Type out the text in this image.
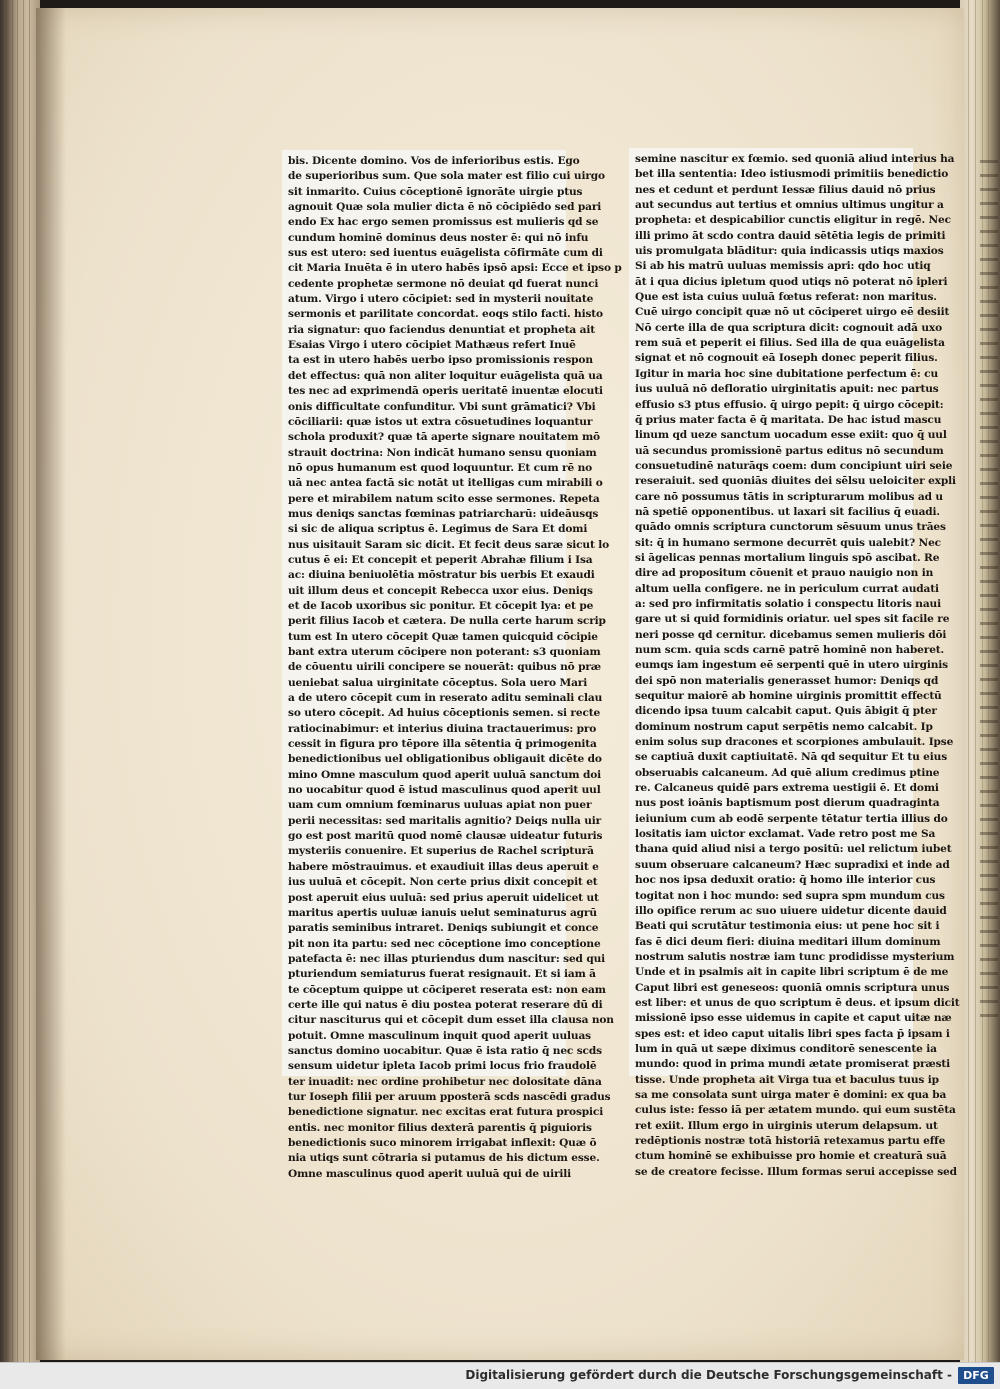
bis. Dicente domino. Vos de inferioribus estis. Ego
de superioribus sum. Que sola mater est filio cui uirgo
sit inmarito. Cuius cōceptionē ignorāte uirgie ptus
agnouit Quæ sola mulier dicta ē nō cōcipiēdo sed pari
endo Ex hac ergo semen promissus est mulieris qd se
cundum hominē dominus deus noster ē: qui nō infu
sus est utero: sed iuentus euāgelista cōfirmāte cum di
cit Maria Inuēta ē in utero habēs ipsō apsi: Ecce et ipso p
cedente prophetæ sermone nō deuiat qd fuerat nunci
atum. Virgo i utero cōcipiet: sed in mysterii nouitate
sermonis et parilitate concordat. eoqs stilo facti. histo
ria signatur: quo faciendus denuntiat et propheta ait
Esaias Virgo i utero cōcipiet Mathæus refert Inuē
ta est in utero habēs uerbo ipso promissionis respon
det effectus: quā non aliter loquitur euāgelista quā ua
tes nec ad exprimendā operis ueritatē inuentæ elocuti
onis difficultate confunditur. Vbi sunt grāmatici? Vbi
cōciliarii: quæ istos ut extra cōsuetudines loquantur
schola produxit? quæ tā aperte signare nouitatem mō
strauit doctrina: Non indicāt humano sensu quoniam
nō opus humanum est quod loquuntur. Et cum rē no
uā nec antea factā sic notāt ut itelligas cum mirabili o
pere et mirabilem natum scito esse sermones. Repeta
mus deniqs sanctas fœminas patriarcharū: uideāusqs
si sic de aliqua scriptus ē. Legimus de Sara Et domi
nus uisitauit Saram sic dicit. Et fecit deus saræ sicut lo
cutus ē ei: Et concepit et peperit Abrahæ filium i Isa
ac: diuina beniuolētia mōstratur bis uerbis Et exaudi
uit illum deus et concepit Rebecca uxor eius. Deniqs
et de Iacob uxoribus sic ponitur. Et cōcepit lya: et pe
perit filius Iacob et cætera. De nulla certe harum scrip
tum est In utero cōcepit Quæ tamen quicquid cōcipie
bant extra uterum cōcipere non poterant: s3 quoniam
de cōuentu uirili concipere se nouerāt: quibus nō præ
ueniebat salua uirginitate cōceptus. Sola uero Mari
a de utero cōcepit cum in reserato aditu seminali clau
so utero cōcepit. Ad huius cōceptionis semen. si recte
ratiocinabimur: et interius diuina tractauerimus: pro
cessit in figura pro tēpore illa sētentia q̄ primogenita
benedictionibus uel obligationibus obligauit dicēte do
mino Omne masculum quod aperit uuluā sanctum doi
no uocabitur quod ē istud masculinus quod aperit uul
uam cum omnium fœminarus uuluas apiat non puer
perii necessitas: sed maritalis agnitio? Deiqs nulla uir
go est post maritū quod nomē clausæ uideatur futuris
mysteriis conuenire. Et superius de Rachel scripturā
habere mōstrauimus. et exaudiuit illas deus aperuit e
ius uuluā et cōcepit. Non certe prius dixit concepit et
post aperuit eius uuluā: sed prius aperuit uidelicet ut
maritus apertis uuluæ ianuis uelut seminaturus agrū
paratis seminibus intraret. Deniqs subiungit et conce
pit non ita partu: sed nec cōceptione imo conceptione
patefacta ē: nec illas pturiendus dum nascitur: sed qui
pturiendum semiaturus fuerat resignauit. Et si iam ā
te cōceptum quippe ut cōciperet reserata est: non eam
certe ille qui natus ē diu postea poterat reserare dū di
citur nasciturus qui et cōcepit dum esset illa clausa non
potuit. Omne masculinum inquit quod aperit uuluas
sanctus domino uocabitur. Quæ ē ista ratio q̄ nec scds
sensum uidetur ipleta Iacob primi locus frio fraudolē
ter inuadit: nec ordine prohibetur nec dolositate dāna
tur Ioseph filii per aruum pposterā scds nascēdi gradus
benedictione signatur. nec excitas erat futura prospici
entis. nec monitor filius dexterā parentis q̄ piguioris
benedictionis suco minorem irrigabat inflexit: Quæ ō
nia utiqs sunt cōtraria si putamus de his dictum esse.
Omne masculinus quod aperit uuluā qui de uirili
semine nascitur ex fœmio. sed quoniā aliud interius ha
bet illa sententia: Ideo istiusmodi primitiis benedictio
nes et cedunt et perdunt Iessæ filius dauid nō prius
aut secundus aut tertius et omnius ultimus ungitur a
propheta: et despicabilior cunctis eligitur in regē. Nec
illi primo āt scdo contra dauid sētētia legis de primiti
uis promulgata blāditur: quia indicassis utiqs maxios
Si ab his matrū uuluas memissis apri: qdo hoc utiq
āt i qua dicius ipletum quod utiqs nō poterat nō ipleri
Que est ista cuius uuluā fœtus referat: non maritus.
Cuē uirgo concipit quæ nō ut cōciperet uirgo eē desiit
Nō certe illa de qua scriptura dicit: cognouit adā uxo
rem suā et peperit ei filius. Sed illa de qua euāgelista
signat et nō cognouit eā Ioseph donec peperit filius.
Igitur in maria hoc sine dubitatione perfectum ē: cu
ius uuluā nō defloratio uirginitatis apuit: nec partus
effusio s3 ptus effusio. q̄ uirgo pepit: q̄ uirgo cōcepit:
q̄ prius mater facta ē q̄ maritata. De hac istud mascu
linum qd ueze sanctum uocadum esse exiit: quo q̄ uul
uā secundus promissionē partus editus nō secundum
consuetudinē naturāqs coem: dum concipiunt uiri seie
reseraiuit. sed quoniās diuites dei sēlsu ueloiciter expli
care nō possumus tātis in scripturarum molibus ad u
nā spetiē opponentibus. ut laxari sit facilius q̄ euadi.
quādo omnis scriptura cunctorum sēsuum unus trāes
sit: q̄ in humano sermone decurrēt quis ualebit? Nec
si āgelicas pennas mortalium linguis spō ascibat. Re
dire ad propositum cōuenit et prauo nauigio non in
altum uella configere. ne in periculum currat audati
a: sed pro infirmitatis solatio i conspectu litoris naui
gare ut si quid formidinis oriatur. uel spes sit facile re
neri posse qd cernitur. dicebamus semen mulieris dōi
num scm. quia scds carnē patrē hominē non haberet.
eumqs iam ingestum eē serpenti quē in utero uirginis
dei spō non materialis generasset humor: Deniqs qd
sequitur maiorē ab homine uirginis promittit effectū
dicendo ipsa tuum calcabit caput. Quis ābigit q̄ pter
dominum nostrum caput serpētis nemo calcabit. Ip
enim solus sup dracones et scorpiones ambulauit. Ipse
se captiuā duxit captiuitatē. Nā qd sequitur Et tu eius
obseruabis calcaneum. Ad quē alium credimus ptine
re. Calcaneus quidē pars extrema uestigii ē. Et domi
nus post ioānis baptismum post dierum quadraginta
ieiunium cum ab eodē serpente tētatur tertia illius do
lositatis iam uictor exclamat. Vade retro post me Sa
thana quid aliud nisi a tergo positū: uel relictum iubet
suum obseruare calcaneum? Hæc supradixi et inde ad
hoc nos ipsa deduxit oratio: q̄ homo ille interior cus
togitat non i hoc mundo: sed supra spm mundum cus
illo opifice rerum ac suo uiuere uidetur dicente dauid
Beati qui scrutātur testimonia eius: ut pene hoc sit i
fas ē dici deum fieri: diuina meditari illum dominum
nostrum salutis nostræ iam tunc prodidisse mysterium
Unde et in psalmis ait in capite libri scriptum ē de me
Caput libri est geneseos: quoniā omnis scriptura unus
est liber: et unus de quo scriptum ē deus. et ipsum dicit
missionē ipso esse uidemus in capite et caput uitæ næ
spes est: et ideo caput uitalis libri spes facta p̄ ipsam i
lum in quā ut sæpe diximus conditorē senescente ia
mundo: quod in prima mundi ætate promiserat præsti
tisse. Unde propheta ait Virga tua et baculus tuus ip
sa me consolata sunt uirga mater ē domini: ex qua ba
culus iste: fesso iā per ætatem mundo. qui eum sustēta
ret exiit. Illum ergo in uirginis uterum delapsum. ut
redēptionis nostræ totā historiā retexamus partu effe
ctum hominē se exhibuisse pro homie et creaturā suā
se de creatore fecisse. Illum formas serui accepisse sed
Digitalisierung gefördert durch die Deutsche Forschungsgemeinschaft -	DFG
